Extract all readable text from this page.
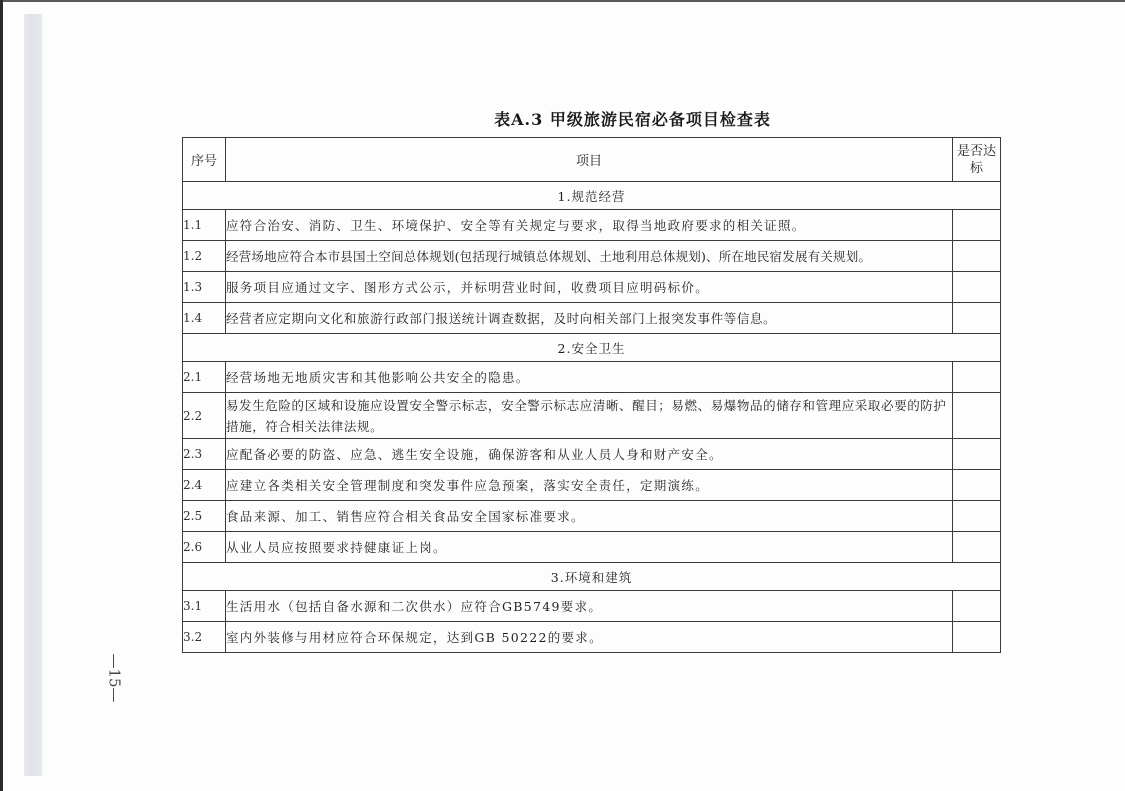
表A.3 甲级旅游民宿必备项目检查表
序号	项目	是否达标
1.规范经营		
1.1	应符合治安、消防、卫生、环境保护、安全等有关规定与要求，取得当地政府要求的相关证照。	
1.2	经营场地应符合本市县国土空间总体规划(包括现行城镇总体规划、土地利用总体规划)、所在地民宿发展有关规划。	
1.3	服务项目应通过文字、图形方式公示，并标明营业时间，收费项目应明码标价。	
1.4	经营者应定期向文化和旅游行政部门报送统计调查数据，及时向相关部门上报突发事件等信息。	
2.安全卫生		
2.1	经营场地无地质灾害和其他影响公共安全的隐患。	
2.2	易发生危险的区域和设施应设置安全警示标志，安全警示标志应清晰、醒目；易燃、易爆物品的储存和管理应采取必要的防护措施，符合相关法律法规。	
2.3	应配备必要的防盗、应急、逃生安全设施，确保游客和从业人员人身和财产安全。	
2.4	应建立各类相关安全管理制度和突发事件应急预案，落实安全责任，定期演练。	
2.5	食品来源、加工、销售应符合相关食品安全国家标准要求。	
2.6	从业人员应按照要求持健康证上岗。	
3.环境和建筑		
3.1	生活用水（包括自备水源和二次供水）应符合GB5749要求。	
3.2	室内外装修与用材应符合环保规定，达到GB 50222的要求。	
—15—
